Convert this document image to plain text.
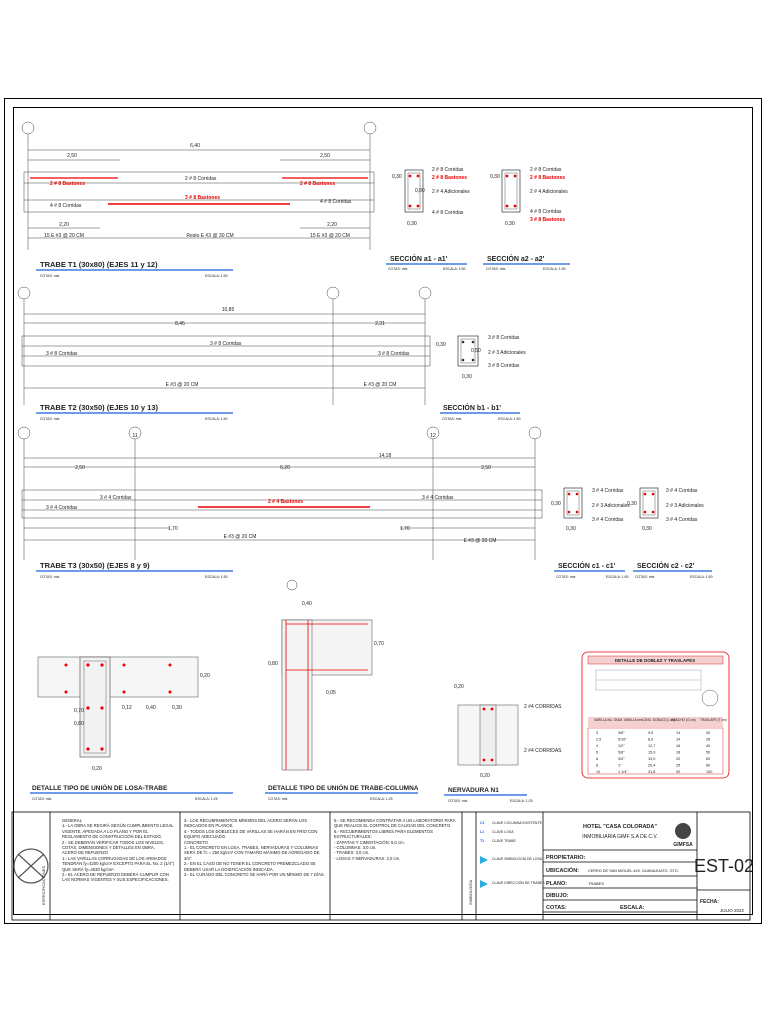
6,40
2,50	2,50
2 # 8 Bastones
2 # 8 Corridas
2 # 8 Bastones
3 # 8 Bastones
4 # 8 Corridas
4 # 8 Corridas
2,20	2,20
15 E #3 @ 20 CM	Resto E #3 @ 30 CM	15 E #3 @ 20 CM
TRABE T1 (30x80) (EJES 11 y 12)
COTAS: mts	ESCALA: 1:50
0,30
0,80
0,30
2 # 8 Corridas
2 # 8 Bastones
2 # 4 Adicionales
4 # 8 Corridas
SECCIÓN a1 - a1'
COTAS: mts	ESCALA: 1:50
0,30
0,30
2 # 8 Corridas
2 # 8 Bastones
2 # 4 Adicionales
4 # 8 Corridas
3 # 8 Bastones
SECCIÓN a2 - a2'
COTAS: mts	ESCALA: 1:50
10,85
8,45	2,31
3 # 8 Corridas
3 # 8 Corridas	3 # 8 Corridas
E #3 @ 20 CM	E #3 @ 20 CM
TRABE T2 (30x50) (EJES 10 y 13)
COTAS: mts	ESCALA: 1:50
0,30
0,50
0,30
3 # 8 Corridas
2 # 3 Adicionales
3 # 8 Corridas
SECCIÓN b1 - b1'
COTAS: mts	ESCALA: 1:50
11	12
14,18
2,50	6,20	2,50
3 # 4 Corridas
2 # 4 Bastones
3 # 4 Corridas
3 # 4 Corridas
1,70	1,70
E #3 @ 20 CM
E #3 @ 20 CM
TRABE T3 (30x50) (EJES 8 y 9)
COTAS: mts	ESCALA: 1:50
0,30
0,30
3 # 4 Corridas
2 # 3 Adicionales
3 # 4 Corridas
SECCIÓN c1 - c1'
COTAS: mts	ESCALA: 1:50
0,30
0,30
3 # 4 Corridas
2 # 3 Adicionales
3 # 4 Corridas
SECCIÓN c2 - c2'
COTAS: mts	ESCALA: 1:50
0,20
0,70	0,12	0,40	0,30
0,80
0,20
DETALLE TIPO DE UNIÓN DE LOSA-TRABE
COTAS: mts	ESCALA: 1:25
0,40
0,70
0,80
0,05
DETALLE TIPO DE UNIÓN DE TRABE-COLUMNA
COTAS: mts	ESCALA: 1:25
0,20
0,20
2 #4 CORRIDAS
2 #4 CORRIDAS
NERVADURA N1
COTAS: mts	ESCALA: 1:25
DETALLE DE DOBLEZ Y TRASLAPES
VARILLA No. DIAM. VARILLA mm LONG. DOBLEZ (L cm)
GANCHO (G cm) TRASLAPE (T cm)
3	3/8"	9,5	14	30
2,5	5/16"	8,0	14	28
4	1/2"	12,7	16	40
5	5/8"	15,9	18	50
6	3/4"	19,0	20	60
8	1"	25,4	25	80
10	1 1/4"	31,8	30	100
ESPECIFICACIONES	SIMBOLOGÍA
C1 CLAVE COLUMNA EXISTENTE
L1 CLAVE LOSA
T1 CLAVE TRABE
CLAVE SIMBOLOGÍA DE LOSA
CLAVE DIRECCIÓN DE TRABES
HOTEL "CASA COLORADA"
INMOBILIARIA GIMF S.A DE C.V.
GIMFSA
PROPIETARIO:
UBICACIÓN: CERRO DE SAN MIGUEL #15, GUANAJUATO, GTO.
PLANO:	TRABES
DIBUJO:
COTAS:	ESCALA:
EST-02
FECHA:
JULIO 2022
GENERAL
1.- LA OBRA SE REGIRÁ SEGÚN CUMPLIMIENTO LEGAL VIGENTE, APEGADA A LO PLANO Y POR EL REGLAMENTO DE CONSTRUCCIÓN DEL ESTADO.
2.- SE DEBERÁN VERIFICAR TODOS LOS NIVELES, COTAS, DIMENSIONES Y DETALLES EN OBRA.
ACERO DE REFUERZO
1.- LAS VARILLAS CORRUGADAS DE LOS ARMADOS TENDRÁN fy=4200 kg/cm² EXCEPTO PARA EL No. 2 (1/4") QUE SERÁ fy=2530 kg/cm².
2.- EL ACERO DE REFUERZO DEBERÁ CUMPLIR CON LAS NORMAS VIGENTES Y SUS ESPECIFICACIONES.
3.- LOS RECUBRIMIENTOS MÍNIMOS DEL ACERO SERÁN LOS INDICADOS EN PLANOS.
4.- TODOS LOS DOBLECES DE VARILLAS SE HARÁN EN FRÍO CON EQUIPO ADECUADO.
CONCRETO
1.- EL CONCRETO EN LOSA, TRABES, NERVADURAS Y COLUMNAS SERÁ DE f'c = 250 kg/cm² CON TAMAÑO MÁXIMO DE AGREGADO DE 3/4".
2.- EN EL CASO DE NO TENER EL CONCRETO PREMEZCLADO SE DEBERÁ USAR LA DOSIFICACIÓN INDICADA.
3.- EL CURADO DEL CONCRETO SE HARÁ POR UN MÍNIMO DE 7 DÍAS.
5.- SE RECOMIENDA CONTRATAR A UN LABORATORIO PARA QUE REALICE EL CONTROL DE CALIDAD DEL CONCRETO.
6.- RECUBRIMIENTOS LIBRES PARA ELEMENTOS ESTRUCTURALES:
- ZAPATAS Y CIMENTACIÓN: 5,0 cm.
- COLUMNAS: 3,0 cm.
- TRABES: 3,0 cm.
- LOSAS Y NERVADURAS: 2,0 cm.
